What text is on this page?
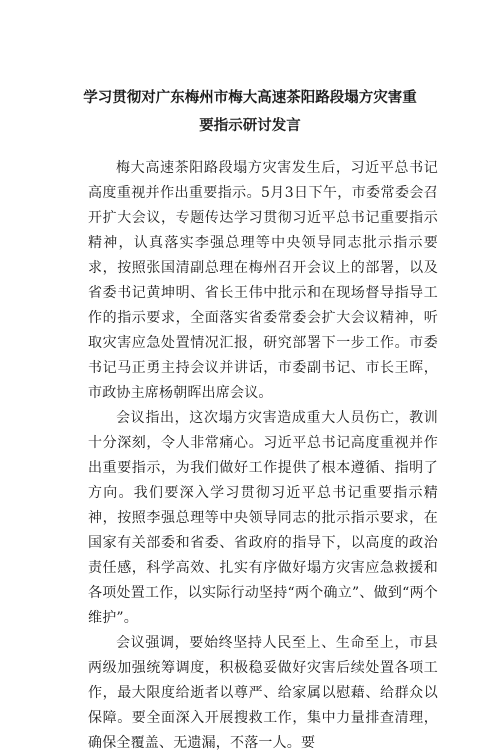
学习贯彻对广东梅州市梅大高速茶阳路段塌方灾害重
要指示研讨发言

梅大高速茶阳路段塌方灾害发生后，习近平总书记高度重视并作出重要指示。5月3日下午，市委常委会召开扩大会议，专题传达学习贯彻习近平总书记重要指示精神，认真落实李强总理等中央领导同志批示指示要求，按照张国清副总理在梅州召开会议上的部署，以及省委书记黄坤明、省长王伟中批示和在现场督导指导工作的指示要求，全面落实省委常委会扩大会议精神，听取灾害应急处置情况汇报，研究部署下一步工作。市委书记马正勇主持会议并讲话，市委副书记、市长王晖，市政协主席杨朝晖出席会议。

会议指出，这次塌方灾害造成重大人员伤亡，教训十分深刻，令人非常痛心。习近平总书记高度重视并作出重要指示，为我们做好工作提供了根本遵循、指明了方向。我们要深入学习贯彻习近平总书记重要指示精神，按照李强总理等中央领导同志的批示指示要求，在国家有关部委和省委、省政府的指导下，以高度的政治责任感，科学高效、扎实有序做好塌方灾害应急救援和各项处置工作，以实际行动坚持“两个确立”、做到“两个维护”。

会议强调，要始终坚持人民至上、生命至上，市县两级加强统筹调度，积极稳妥做好灾害后续处置各项工作，最大限度给逝者以尊严、给家属以慰藉、给群众以保障。要全面深入开展搜救工作，集中力量排查清理，确保全覆盖、无遗漏，不落一人。要
